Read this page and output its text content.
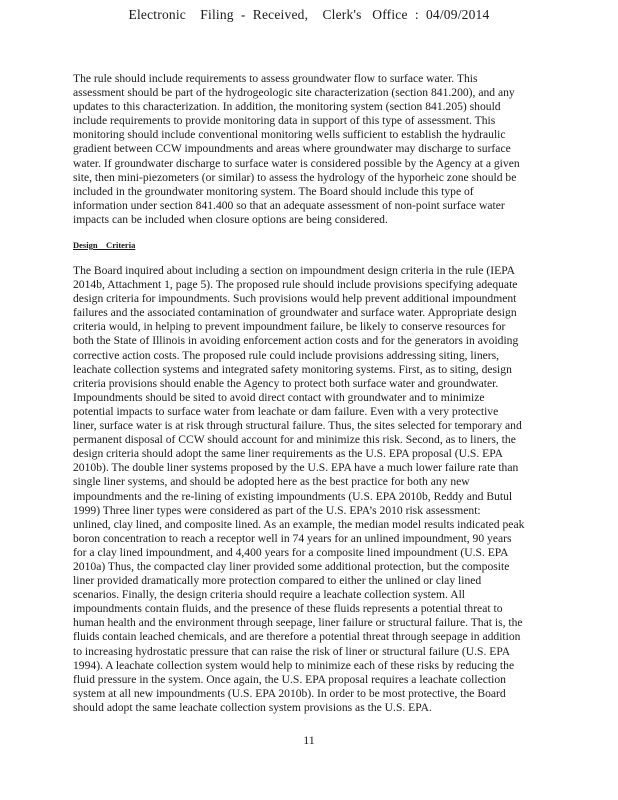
Electronic    Filing  -  Received,    Clerk's   Office  :  04/09/2014
The rule should include requirements to assess groundwater flow to surface water. This
assessment should be part of the hydrogeologic site characterization (section 841.200), and any
updates to this characterization. In addition, the monitoring system (section 841.205) should
include requirements to provide monitoring data in support of this type of assessment. This
monitoring should include conventional monitoring wells sufficient to establish the hydraulic
gradient between CCW impoundments and areas where groundwater may discharge to surface
water. If groundwater discharge to surface water is considered possible by the Agency at a given
site, then mini-piezometers (or similar) to assess the hydrology of the hyporheic zone should be
included in the groundwater monitoring system. The Board should include this type of
information under section 841.400 so that an adequate assessment of non-point surface water
impacts can be included when closure options are being considered.
Design    Criteria
The Board inquired about including a section on impoundment design criteria in the rule (IEPA
2014b, Attachment 1, page 5). The proposed rule should include provisions specifying adequate
design criteria for impoundments. Such provisions would help prevent additional impoundment
failures and the associated contamination of groundwater and surface water. Appropriate design
criteria would, in helping to prevent impoundment failure, be likely to conserve resources for
both the State of Illinois in avoiding enforcement action costs and for the generators in avoiding
corrective action costs. The proposed rule could include provisions addressing siting, liners,
leachate collection systems and integrated safety monitoring systems. First, as to siting, design
criteria provisions should enable the Agency to protect both surface water and groundwater.
Impoundments should be sited to avoid direct contact with groundwater and to minimize
potential impacts to surface water from leachate or dam failure. Even with a very protective
liner, surface water is at risk through structural failure. Thus, the sites selected for temporary and
permanent disposal of CCW should account for and minimize this risk. Second, as to liners, the
design criteria should adopt the same liner requirements as the U.S. EPA proposal (U.S. EPA
2010b). The double liner systems proposed by the U.S. EPA have a much lower failure rate than
single liner systems, and should be adopted here as the best practice for both any new
impoundments and the re-lining of existing impoundments (U.S. EPA 2010b, Reddy and Butul
1999) Three liner types were considered as part of the U.S. EPA’s 2010 risk assessment:
unlined, clay lined, and composite lined. As an example, the median model results indicated peak
boron concentration to reach a receptor well in 74 years for an unlined impoundment, 90 years
for a clay lined impoundment, and 4,400 years for a composite lined impoundment (U.S. EPA
2010a) Thus, the compacted clay liner provided some additional protection, but the composite
liner provided dramatically more protection compared to either the unlined or clay lined
scenarios. Finally, the design criteria should require a leachate collection system. All
impoundments contain fluids, and the presence of these fluids represents a potential threat to
human health and the environment through seepage, liner failure or structural failure. That is, the
fluids contain leached chemicals, and are therefore a potential threat through seepage in addition
to increasing hydrostatic pressure that can raise the risk of liner or structural failure (U.S. EPA
1994). A leachate collection system would help to minimize each of these risks by reducing the
fluid pressure in the system. Once again, the U.S. EPA proposal requires a leachate collection
system at all new impoundments (U.S. EPA 2010b). In order to be most protective, the Board
should adopt the same leachate collection system provisions as the U.S. EPA.
11
